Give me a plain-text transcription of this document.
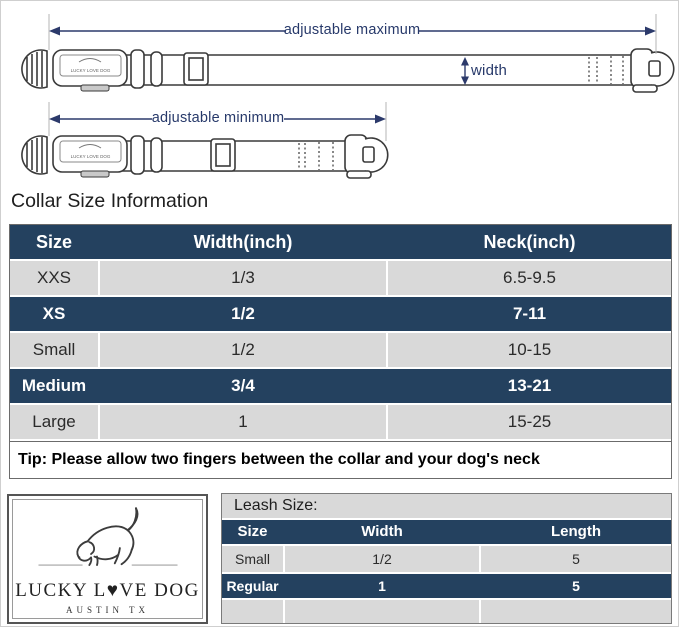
LUCKY LOVE DOG
LUCKY LOVE DOG
adjustable maximum
width
adjustable minimum
Collar Size Information
Size	Width(inch)	Neck(inch)
XXS	1/3	6.5-9.5
XS	1/2	7-11
Small	1/2	10-15
Medium	3/4	13-21
Large	1	15-25
Tip: Please allow two fingers between the collar and your dog's neck
LUCKY L♥VE DOG
AUSTIN TX
Leash Size:
Size	Width	Length
Small	1/2	5
Regular	1	5
